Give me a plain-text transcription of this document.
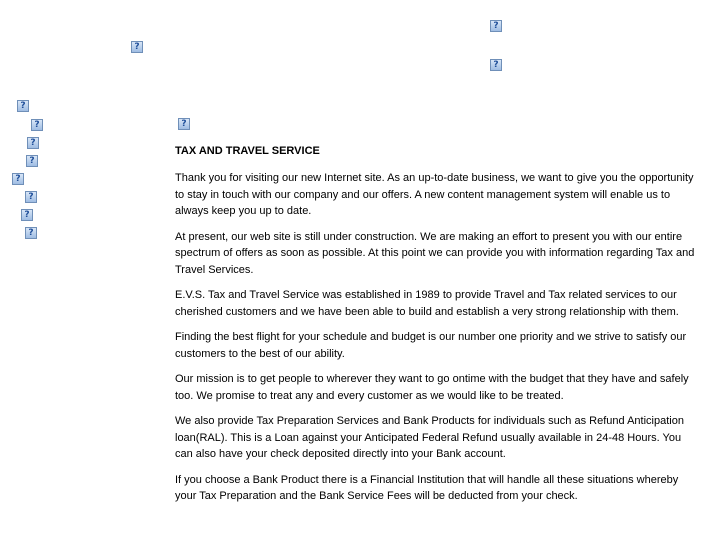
?
?
?
?
?
?
?
?
?
?
?
?
TAX AND TRAVEL SERVICE

Thank you for visiting our new Internet site. As an up-to-date business, we want to give you the opportunity to stay in touch with our company and our offers. A new content management system will enable us to always keep you up to date.

At present, our web site is still under construction. We are making an effort to present you with our entire spectrum of offers as soon as possible. At this point we can provide you with information regarding Tax and Travel Services.

E.V.S. Tax and Travel Service was established in 1989 to provide Travel and Tax related services to our cherished customers and we have been able to build and establish a very strong relationship with them.

Finding the best flight for your schedule and budget is our number one priority and we strive to satisfy our customers to the best of our ability.

Our mission is to get people to wherever they want to go ontime with the budget that they have and safely too. We promise to treat any and every customer as we would like to be treated.

We also provide Tax Preparation Services and Bank Products for individuals such as Refund Anticipation loan(RAL). This is a Loan against your Anticipated Federal Refund usually available in 24-48 Hours. You can also have your check deposited directly into your Bank account.

If you choose a Bank Product there is a Financial Institution that will handle all these situations whereby your Tax Preparation and the Bank Service Fees will be deducted from your check.
